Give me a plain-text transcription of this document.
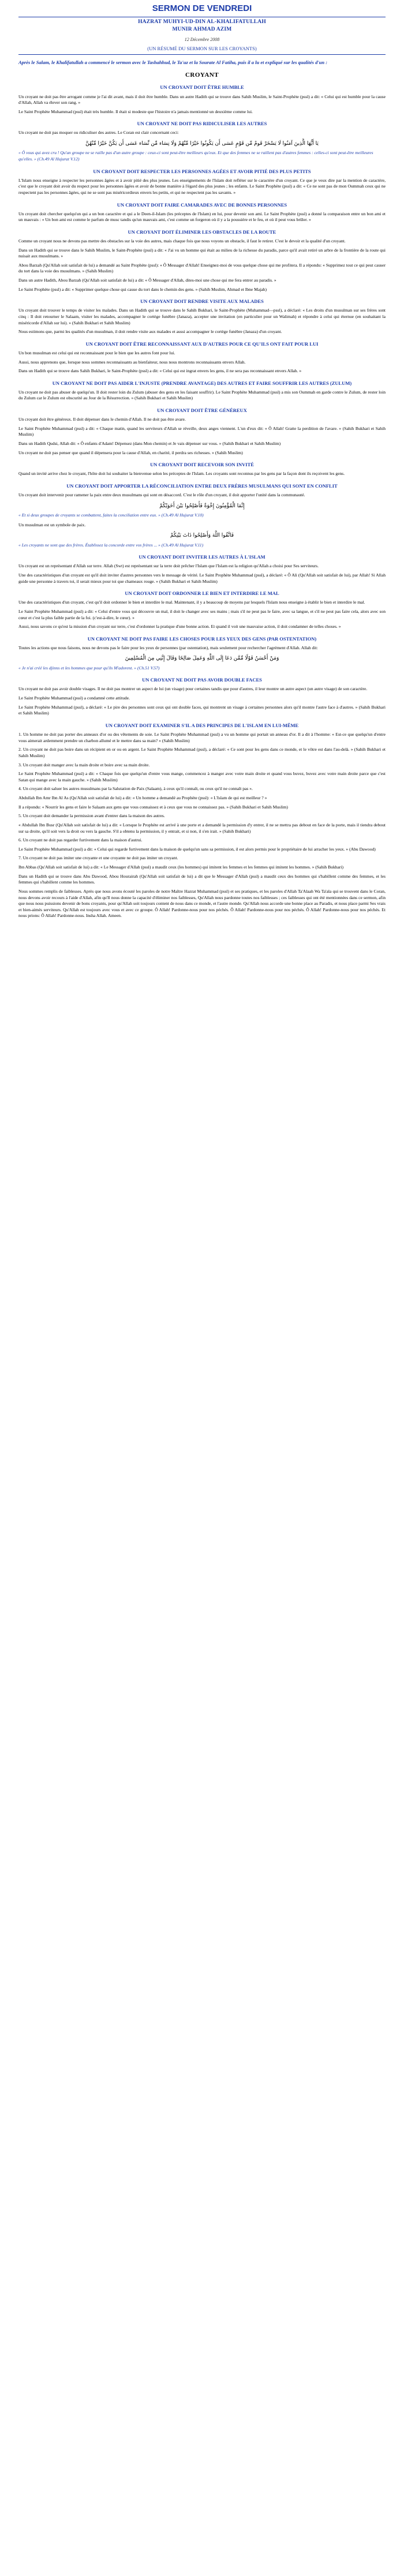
SERMON DE VENDREDI
HAZRAT MUHYI-UD-DIN AL-KHALIFATULLAH
MUNIR AHMAD AZIM
12 Décembre 2008
(UN RÉSUMÉ DU SERMON SUR LES CROYANTS)
Après le Salam, le Khalifatullah a commencé le sermon avec le Tashahhud, le Ta'uz et la Sourate Al Fatiha, puis il a lu et expliqué sur les qualités d'un :
CROYANT
UN CROYANT DOIT ÊTRE HUMBLE
Un croyant ne doit pas être arrogant comme je l'ai dit avant, mais il doit être humble. Dans un autre Hadith qui se trouve dans Sahih Muslim, le Saint-Prophète (pssl) a dit: « Celui qui est humble pour la cause d'Allah, Allah va élever son rang. »
Le Saint Prophète Muhammad (pssl) était très humble. Il était si modeste que l'histoire n'a jamais mentionné un deuxième comme lui.
UN CROYANT NE DOIT PAS RIDICULISER LES AUTRES
Un croyant ne doit pas moquer ou ridiculiser des autres. Le Coran est clair concernant ceci:
يَا أَيُّهَا الَّذِينَ آمَنُوا لَا يَسْخَرْ قَومٌ مِّن قَوْمٍ عَسَى أَن يَكُونُوا خَيْرًا مِّنْهُمْ وَلَا نِسَاء مِّن نِّسَاء عَسَى أَن يَكُنَّ خَيْرًا مِّنْهُنَّ
« Ô vous qui avez cru ! Qu'un groupe ne se raille pas d'un autre groupe : ceux-ci sont peut-être meilleurs qu'eux. Et que des femmes ne se raillent pas d'autres femmes : celles-ci sont peut-être meilleures qu'elles. » (Ch.49 Al Hujurat V.12)
UN CROYANT DOIT RESPECTER LES PERSONNES AGÉES ET AVOIR PITIÉ DES PLUS PETITS
L'Islam nous enseigne à respecter les personnes âgées et à avoir pitié des plus jeunes. Les enseignements de l'Islam doit refléter sur le caractère d'un croyant. Ce que je veux dire par la mention de caractère, c'est que le croyant doit avoir du respect pour les personnes âgées et avoir de bonne manière à l'égard des plus jeunes ; les enfants. Le Saint Prophète (pssl) a dit: « Ce ne sont pas de mon Oummah ceux qui ne respectent pas les personnes âgées, qui ne se sont pas miséricordieux envers les petits, et qui ne respectent pas les savants. »
UN CROYANT DOIT FAIRE CAMARADES AVEC DE BONNES PERSONNES
Un croyant doit chercher quelqu'un qui a un bon caractère et qui a le Deen-il-Islam (les préceptes de l'Islam) en lui, pour devenir son ami. Le Saint Prophète (pssl) a donné la comparaison entre un bon ami et un mauvais : « Un bon ami est comme le parfum de musc tandis qu'un mauvais ami, c'est comme un forgeron où il y a la poussière et le feu, et où il peut vous brûler. »
UN CROYANT DOIT ÉLIMINER LES OBSTACLES DE LA ROUTE
Comme un croyant nous ne devons pas mettre des obstacles sur la voie des autres, mais chaque fois que nous voyons un obstacle, il faut le retirer. C'est le devoir et la qualité d'un croyant.
Dans un Hadith qui se trouve dans le Sahih Muslim, le Saint-Prophète (pssl) a dit: « J'ai vu un homme qui était au milieu de la richesse du paradis, parce qu'il avait retiré un arbre de la frontière de la route qui nuisait aux musulmans. »
Abou Barzah (Qu'Allah soit satisfait de lui) a demandé au Saint Prophète (pssl): « Ô Messager d'Allah! Enseignez-moi de vous quelque chose qui me profitera. Il a répondu: « Supprimez tout ce qui peut causer du tort dans la voie des musulmans. » (Sahih Muslim)
Dans un autre Hadith, Abou Barzah (Qu'Allah soit satisfait de lui) a dit: « Ô Messager d'Allah, dites-moi une chose qui me fera entrer au paradis. »
Le Saint Prophète (pssl) a dit: « Supprimer quelque chose qui cause du tort dans le chemin des gens. » (Sahih Muslim, Ahmad et Ibne Majah)
UN CROYANT DOIT RENDRE VISITE AUX MALADES
Un croyant doit trouver le temps de visiter les malades. Dans un Hadith qui se trouve dans le Sahih Bukhari, le Saint-Prophète (Muhammad—pssl), a déclaré: « Les droits d'un musulman sur ses frères sont cinq : Il doit retourner le Salaam, visiter les malades, accompagner le cortège funèbre (Janaza), accepter une invitation (en particulier pour un Walimah) et répondre à celui qui éternue (en souhaitant la miséricorde d'Allah sur lui). » (Sahih Bukhari et Sahih Muslim)
Nous estimons que, parmi les qualités d'un musulman, il doit rendre visite aux malades et aussi accompagner le cortège funèbre (Janaza) d'un croyant.
UN CROYANT DOIT ÊTRE RECONNAISSANT AUX D'AUTRES POUR CE QU'ILS ONT FAIT POUR LUI
Un bon musulman est celui qui est reconnaissant pour le bien que les autres font pour lui.
Aussi, nous apprenons que, lorsque nous sommes reconnaissants au bienfaiteur, nous nous montrons reconnaissants envers Allah.
Dans un Hadith qui se trouve dans Sahih Bukhari, le Saint-Prophète (pssl) a dit: « Celui qui est ingrat envers les gens, il ne sera pas reconnaissant envers Allah. »
UN CROYANT NE DOIT PAS AIDER L'INJUSTE (PRENDRE AVANTAGE) DES AUTRES ET FAIRE SOUFFRIR LES AUTRES (ZULUM)
Un croyant ne doit pas abuser de quelqu'un. Il doit rester loin du Zulum (abuser des gens en les faisant souffrir). Le Saint Prophète Muhammad (pssl) a mis son Oummah en garde contre le Zulum, de rester loin du Zulum car le Zulum est obscurité au Jour de la Résurrection. » (Sahih Bukhari et Sahih Muslim)
UN CROYANT DOIT ÊTRE GÉNÉREUX
Un croyant doit être généreux. Il doit dépenser dans le chemin d'Allah. Il ne doit pas être avare.
Le Saint Prophète Muhammad (pssl) a dit: « Chaque matin, quand les serviteurs d'Allah se réveille, deux anges viennent. L'un d'eux dit: « Ô Allah! Gratte la perdition de l'avare. » (Sahih Bukhari et Sahih Muslim)
Dans un Hadith Qudsi, Allah dit: « Ô enfants d'Adam! Dépensez (dans Mon chemin) et Je vais dépenser sur vous. » (Sahih Bukhari et Sahih Muslim)
Un croyant ne doit pas penser que quand il dépensera pour la cause d'Allah, en charité, il perdra ses richesses. » (Sahih Muslim)
UN CROYANT DOIT RECEVOIR SON INVITÉ
Quand un invité arrive chez le croyant, l'hôte doit lui souhaiter la bienvenue selon les préceptes de l'Islam. Les croyants sont reconnus par les gens par la façon dont ils reçoivent les gens.
UN CROYANT DOIT APPORTER LA RÉCONCILIATION ENTRE DEUX FRÈRES MUSULMANS QUI SONT EN CONFLIT
Un croyant doit intervenir pour ramener la paix entre deux musulmans qui sont en désaccord. C'est le rôle d'un croyant, il doit apporter l'unité dans la communauté.
إِنَّمَا الْمُؤْمِنُونَ إِخْوَةٌ فَأَصْلِحُوا بَيْنَ أَخَوَيْكُمْ
« Et si deux groupes de croyants se combattent, faites la conciliation entre eux. » (Ch.49 Al Hujurat V.10)
Un musulman est un symbole de paix.
فَاتَّقُوا اللَّهَ وَأَصْلِحُوا ذَاتَ بَيْنِكُمْ
« Les croyants ne sont que des frères. Établissez la concorde entre vos frères ... » (Ch.49 Al Hujurat V.11)
UN CROYANT DOIT INVITER LES AUTRES À L'ISLAM
Un croyant est un représentant d'Allah sur terre. Allah (Swt) est représentant sur la terre doit prêcher l'Islam que l'Islam est la religion qu'Allah a choisi pour Ses serviteurs.
Une des caractéristiques d'un croyant est qu'il doit inviter d'autres personnes vers le message de vérité. Le Saint Prophète Muhammad (pssl), a déclaré: « Ô Ali (Qu'Allah soit satisfait de lui), par Allah! Si Allah guide une personne à travers toi, il serait mieux pour toi que chameaux rouge. » (Sahih Bukhari et Sahih Muslim)
UN CROYANT DOIT ORDONNER LE BIEN ET INTERDIRE LE MAL
Une des caractéristiques d'un croyant, c'est qu'il doit ordonner le bien et interdire le mal. Maintenant, il y a beaucoup de moyens par lesquels l'Islam nous enseigne à établir le bien et interdire le mal.
Le Saint Prophète Muhammad (pssl) a dit: « Celui d'entre vous qui découvre un mal, il doit le changer avec ses mains ; mais s'il ne peut pas le faire, avec sa langue, et s'il ne peut pas faire cela, alors avec son cœur et c'est la plus faible partie de la foi. (c'est-à-dire, le cœur). »
Aussi, nous savons ce qu'est la mission d'un croyant sur terre, c'est d'ordonner la pratique d'une bonne action. Et quand il voit une mauvaise action, il doit condamner de telles choses. »
UN CROYANT NE DOIT PAS FAIRE LES CHOSES POUR LES YEUX DES GENS (PAR OSTENTATION)
Toutes les actions que nous faisons, nous ne devons pas le faire pour les yeux de personnes (par ostentation), mais seulement pour rechercher l'agrément d'Allah. Allah dit:
وَمَنْ أَحْسَنُ قَوْلًا مِّمَّن دَعَا إِلَى اللَّهِ وَعَمِلَ صَالِحًا وَقَالَ إِنَّنِي مِنَ الْمُسْلِمِينَ
« Je n'ai créé les djinns et les hommes que pour qu'ils M'adorent. » (Ch.51 V.57)
UN CROYANT NE DOIT PAS AVOIR DOUBLE FACES
Un croyant ne doit pas avoir double visages. Il ne doit pas montrer un aspect de lui (un visage) pour certaines tandis que pour d'autres, il leur montre un autre aspect (un autre visage) de son caractère.
Le Saint Prophète Muhammad (pssl) a condamné cette attitude.
Le Saint Prophète Muhammad (pssl), a déclaré: « Le pire des personnes sont ceux qui ont double faces, qui montrent un visage à certaines personnes alors qu'il montre l'autre face à d'autres. » (Sahih Bukhari et Sahih Muslim)
UN CROYANT DOIT EXAMINER S'IL A DES PRINCIPES DE L'ISLAM EN LUI-MÊME
1. Un homme ne doit pas porter des anneaux d'or ou des vêtements de soie. Le Saint Prophète Muhammad (pssl) a vu un homme qui portait un anneau d'or. Il a dit à l'homme: « Est-ce que quelqu'un d'entre vous aimerait ardemment prendre un charbon allumé et le mettre dans sa main? » (Sahih Muslim)
2. Un croyant ne doit pas boire dans un récipient en or ou en argent. Le Saint Prophète Muhammad (pssl), a déclaré: « Ce sont pour les gens dans ce monde, et le vôtre est dans l'au-delà. » (Sahih Bukhari et Sahih Muslim)
3. Un croyant doit manger avec la main droite et boire avec sa main droite.
Le Saint Prophète Muhammad (pssl) a dit: « Chaque fois que quelqu'un d'entre vous mange, commencez à manger avec votre main droite et quand vous buvez, buvez avec votre main droite parce que c'est Satan qui mange avec la main gauche. » (Sahih Muslim)
4. Un croyant doit saluer les autres musulmans par la Salutation de Paix (Salaam), à ceux qu'il connaît, ou ceux qu'il ne connaît pas ».
Abdullah Ibn Amr Ibn Al As (Qu'Allah soit satisfait de lui) a dit: « Un homme a demandé au Prophète (pssl): « L'Islam de qui est meilleur ? »
Il a répondu: « Nourrir les gens et faire le Salaam aux gens que vous connaissez et à ceux que vous ne connaissez pas. » (Sahih Bukhari et Sahih Muslim)
5. Un croyant doit demander la permission avant d'entrer dans la maison des autres.
« Abdullah Ibn Busr (Qu'Allah soit satisfait de lui) a dit: « Lorsque le Prophète est arrivé à une porte et a demandé la permission d'y entrer, il ne se mettra pas debout en face de la porte, mais il tiendra debout sur sa droite, qu'il soit vers la droit ou vers la gauche. S'il a obtenu la permission, il y entrait, et si non, il s'en irait. » (Sahih Bukhari)
6. Un croyant ne doit pas regarder furtivement dans la maison d'autrui.
Le Saint Prophète Muhammad (pssl) a dit: « Celui qui regarde furtivement dans la maison de quelqu'un sans sa permission, il est alors permis pour le propriétaire de lui arracher les yeux. » (Abu Dawood)
7. Un croyant ne doit pas imiter une croyante et une croyante ne doit pas imiter un croyant.
Ibn Abbas (Qu'Allah soit satisfait de lui) a dit: « Le Messager d'Allah (pssl) a maudit ceux (les hommes) qui imitent les femmes et les femmes qui imitent les hommes. » (Sahih Bukhari)
Dans un Hadith qui se trouve dans Abu Dawood, Abou Hourairah (Qu'Allah soit satisfait de lui) a dit que le Messager d'Allah (pssl) a maudit ceux des hommes qui s'habillent comme des femmes, et les femmes qui s'habillent comme les hommes.
Nous sommes remplis de faiblesses. Après que nous avons écouté les paroles de notre Maître Hazrat Muhammad (pssl) et ses pratiques, et les paroles d'Allah Ta'Alaah Wa Ta'ala qui se trouvent dans le Coran, nous devons avoir recours à l'aide d'Allah, afin qu'Il nous donne la capacité d'éliminer nos faiblesses, Qu'Allah nous pardonne toutes nos faiblesses ; ces faiblesses qui ont été mentionnées dans ce sermon, afin que nous nous puissions devenir de bons croyants, pour qu'Allah soit toujours content de nous dans ce monde, et l'autre monde. Qu'Allah nous accorde une bonne place au Paradis, et nous place parmi Ses vrais et bien-aimés serviteurs. Qu'Allah est toujours avec vous et avec ce groupe. Ô Allah! Pardonne-nous pour nos péchés. Ô Allah! Pardonne-nous pour nos péchés. Ô Allah! Pardonne-nous pour nos péchés. Et nous prions: Ô Allah! Pardonne-nous. Insha Allah. Ameen.
